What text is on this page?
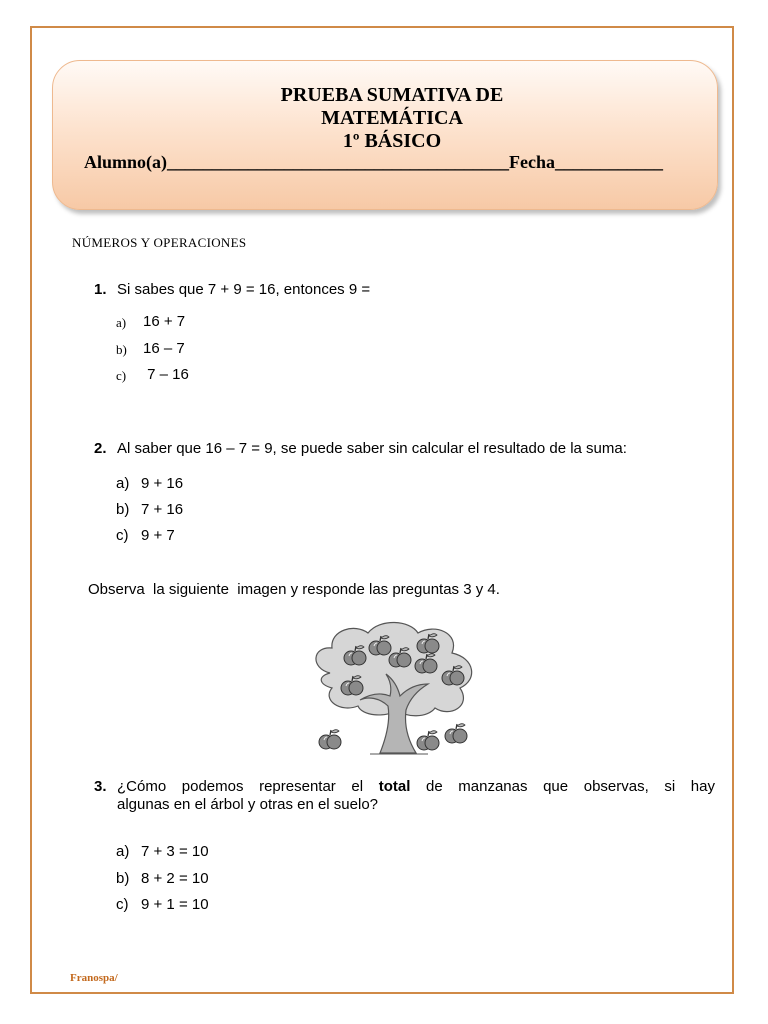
PRUEBA SUMATIVA DE
MATEMÁTICA
1º BÁSICO
Alumno(a)______________________________________Fecha____________
NÚMEROS Y OPERACIONES
1. Si sabes que 7 + 9 = 16, entonces 9 =
a) 16 + 7
b) 16 – 7
c) 7 – 16
2. Al saber que 16 – 7 = 9, se puede saber sin calcular el resultado de la suma:
a) 9 + 16
b) 7 + 16
c) 9 + 7
Observa  la siguiente  imagen y responde las preguntas 3 y 4.
3. ¿Cómo podemos representar el total de manzanas que observas, si hay
algunas en el árbol y otras en el suelo?
a) 7 + 3 = 10
b) 8 + 2 = 10
c) 9 + 1 = 10
Franospa/
